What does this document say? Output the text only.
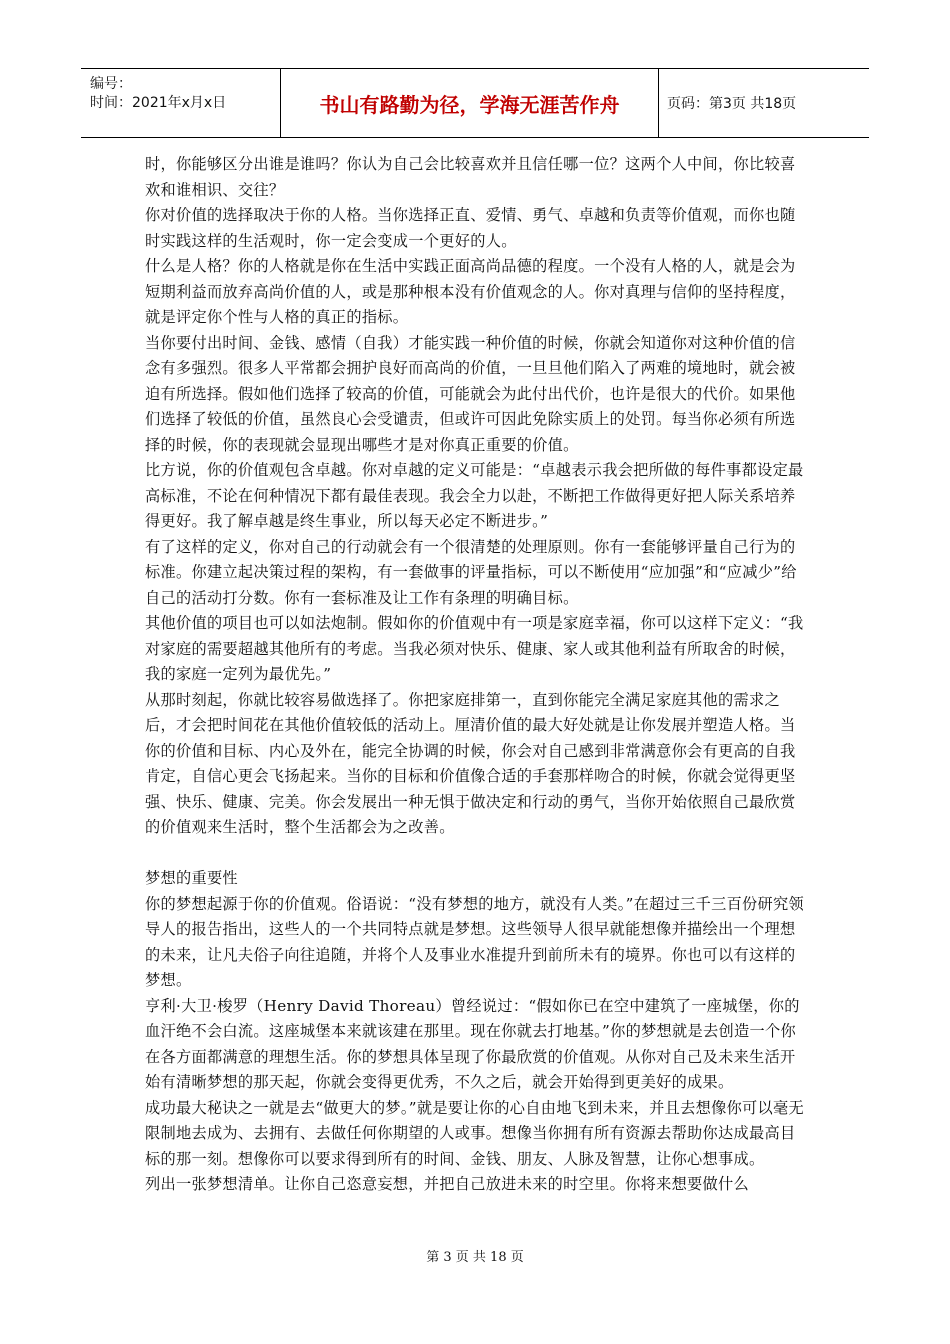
编号：
时间：2021年x月x日	书山有路勤为径，学海无涯苦作舟	页码：第3页 共18页

时，你能够区分出谁是谁吗？你认为自己会比较喜欢并且信任哪一位？这两个人中间，你比较喜欢和谁相识、交往？

你对价值的选择取决于你的人格。当你选择正直、爱情、勇气、卓越和负责等价值观，而你也随时实践这样的生活观时，你一定会变成一个更好的人。

什么是人格？你的人格就是你在生活中实践正面高尚品德的程度。一个没有人格的人，就是会为短期利益而放弃高尚价值的人，或是那种根本没有价值观念的人。你对真理与信仰的坚持程度，就是评定你个性与人格的真正的指标。

当你要付出时间、金钱、感情（自我）才能实践一种价值的时候，你就会知道你对这种价值的信念有多强烈。很多人平常都会拥护良好而高尚的价值，一旦旦他们陷入了两难的境地时，就会被迫有所选择。假如他们选择了较高的价值，可能就会为此付出代价，也许是很大的代价。如果他们选择了较低的价值，虽然良心会受谴责，但或许可因此免除实质上的处罚。每当你必须有所选择的时候，你的表现就会显现出哪些才是对你真正重要的价值。

比方说，你的价值观包含卓越。你对卓越的定义可能是：“卓越表示我会把所做的每件事都设定最高标准，不论在何种情况下都有最佳表现。我会全力以赴，不断把工作做得更好把人际关系培养得更好。我了解卓越是终生事业，所以每天必定不断进步。”

有了这样的定义，你对自己的行动就会有一个很清楚的处理原则。你有一套能够评量自己行为的标准。你建立起决策过程的架构，有一套做事的评量指标，可以不断使用“应加强”和“应减少”给自己的活动打分数。你有一套标准及让工作有条理的明确目标。

其他价值的项目也可以如法炮制。假如你的价值观中有一项是家庭幸福，你可以这样下定义：“我对家庭的需要超越其他所有的考虑。当我必须对快乐、健康、家人或其他利益有所取舍的时候，我的家庭一定列为最优先。”

从那时刻起，你就比较容易做选择了。你把家庭排第一，直到你能完全满足家庭其他的需求之后，才会把时间花在其他价值较低的活动上。厘清价值的最大好处就是让你发展并塑造人格。当你的价值和目标、内心及外在，能完全协调的时候，你会对自己感到非常满意你会有更高的自我肯定，自信心更会飞扬起来。当你的目标和价值像合适的手套那样吻合的时候，你就会觉得更坚强、快乐、健康、完美。你会发展出一种无惧于做决定和行动的勇气，当你开始依照自己最欣赏的价值观来生活时，整个生活都会为之改善。

梦想的重要性

你的梦想起源于你的价值观。俗语说：“没有梦想的地方，就没有人类。”在超过三千三百份研究领导人的报告指出，这些人的一个共同特点就是梦想。这些领导人很早就能想像并描绘出一个理想的未来，让凡夫俗子向往追随，并将个人及事业水准提升到前所未有的境界。你也可以有这样的梦想。

亨利·大卫·梭罗（Henry David Thoreau）曾经说过：“假如你已在空中建筑了一座城堡，你的血汗绝不会白流。这座城堡本来就该建在那里。现在你就去打地基。”你的梦想就是去创造一个你在各方面都满意的理想生活。你的梦想具体呈现了你最欣赏的价值观。从你对自己及未来生活开始有清晰梦想的那天起，你就会变得更优秀，不久之后，就会开始得到更美好的成果。

成功最大秘诀之一就是去“做更大的梦。”就是要让你的心自由地飞到未来，并且去想像你可以毫无限制地去成为、去拥有、去做任何你期望的人或事。想像当你拥有所有资源去帮助你达成最高目标的那一刻。想像你可以要求得到所有的时间、金钱、朋友、人脉及智慧，让你心想事成。

列出一张梦想清单。让你自己恣意妄想，并把自己放进未来的时空里。你将来想要做什么

第 3 页 共 18 页
